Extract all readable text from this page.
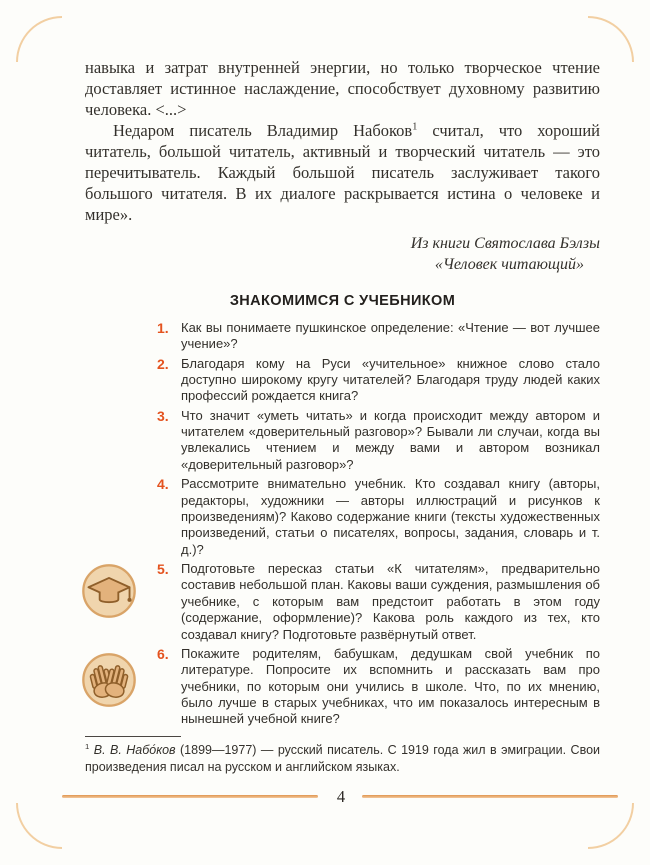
навыка и затрат внутренней энергии, но только творческое чтение доставляет истинное наслаждение, способствует духовному развитию человека. <...>

Недаром писатель Владимир Набоков$^1$ считал, что хороший читатель, большой читатель, активный и творческий читатель — это перечитыватель. Каждый большой писатель заслуживает такого большого читателя. В их диалоге раскрывается истина о человеке и мире».

Из книги Святослава Бэлзы
«Человек читающий»
ЗНАКОМИМСЯ С УЧЕБНИКОМ
1. Как вы понимаете пушкинское определение: «Чтение — вот лучшее учение»?
2. Благодаря кому на Руси «учительное» книжное слово стало доступно широкому кругу читателей? Благодаря труду людей каких профессий рождается книга?
3. Что значит «уметь читать» и когда происходит между автором и читателем «доверительный разговор»? Бывали ли случаи, когда вы увлекались чтением и между вами и автором возникал «доверительный разговор»?
4. Рассмотрите внимательно учебник. Кто создавал книгу (авторы, редакторы, художники — авторы иллюстраций и рисунков к произведениям)? Каково содержание книги (тексты художественных произведений, статьи о писателях, вопросы, задания, словарь и т. д.)?
5. Подготовьте пересказ статьи «К читателям», предварительно составив небольшой план. Каковы ваши суждения, размышления об учебнике, с которым вам предстоит работать в этом году (содержание, оформление)? Какова роль каждого из тех, кто создавал книгу? Подготовьте развёрнутый ответ.
6. Покажите родителям, бабушкам, дедушкам свой учебник по литературе. Попросите их вспомнить и рассказать вам про учебники, по которым они учились в школе. Что, по их мнению, было лучше в старых учебниках, что им показалось интересным в нынешней учебной книге?

$^1$ В. В. Набо́ков (1899—1977) — русский писатель. С 1919 года жил в эмиграции. Свои произведения писал на русском и английском языках.

4
